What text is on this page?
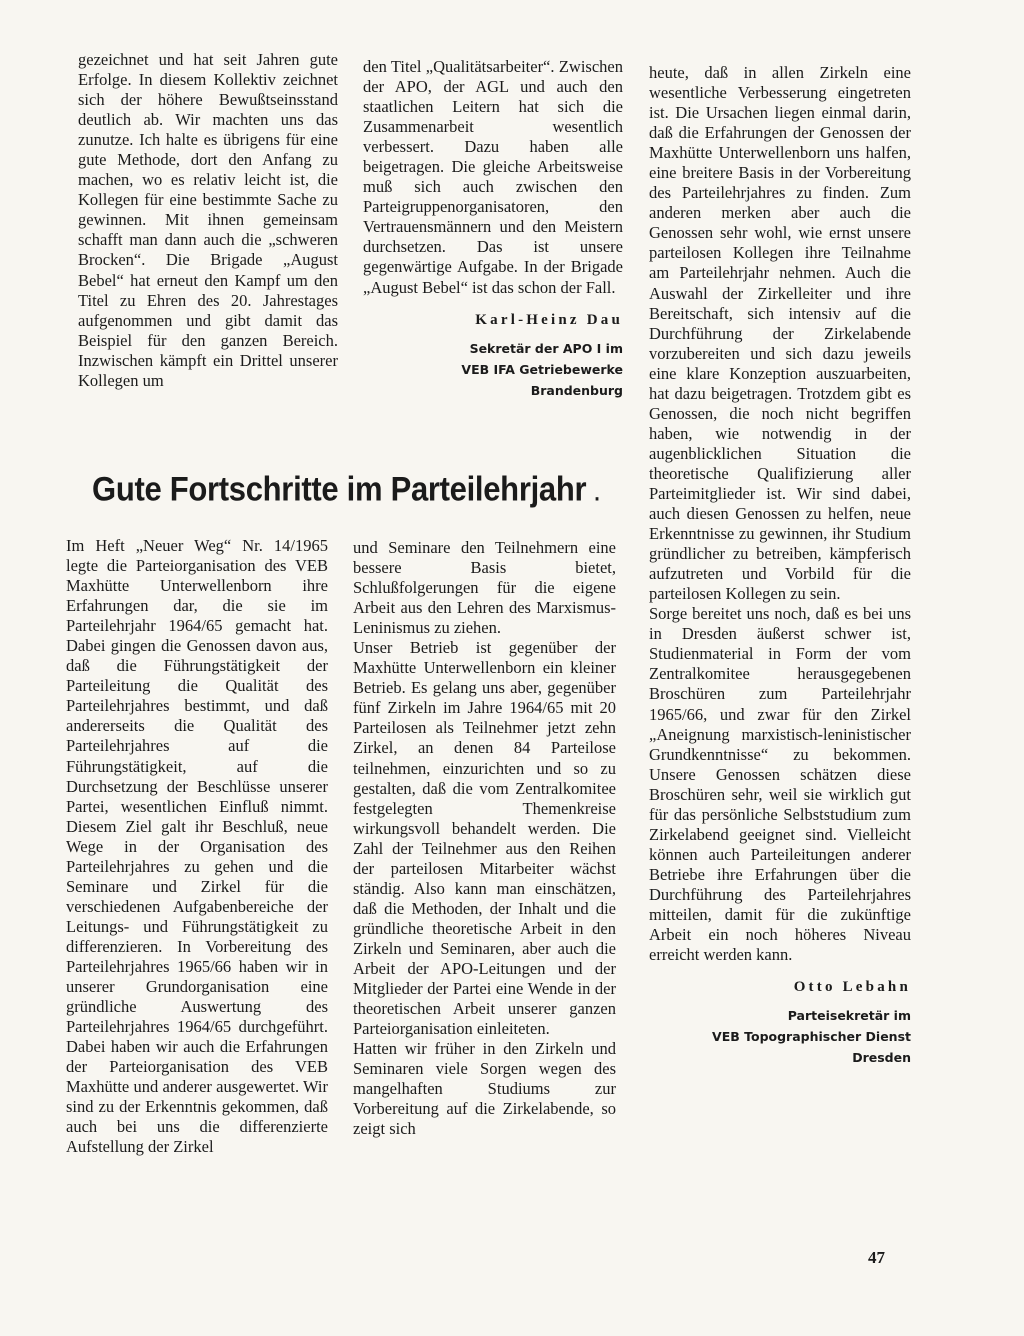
gezeichnet und hat seit Jahren gute Erfolge. In diesem Kollektiv zeichnet sich der höhere Bewußtseinsstand deutlich ab. Wir machten uns das zunutze. Ich halte es übrigens für eine gute Methode, dort den Anfang zu machen, wo es relativ leicht ist, die Kollegen für eine bestimmte Sache zu gewinnen. Mit ihnen gemeinsam schafft man dann auch die „schweren Brocken“. Die Brigade „August Bebel“ hat erneut den Kampf um den Titel zu Ehren des 20. Jahrestages aufgenommen und gibt damit das Beispiel für den ganzen Bereich. Inzwischen kämpft ein Drittel unserer Kollegen um

den Titel „Qualitätsarbeiter“. Zwischen der APO, der AGL und auch den staatlichen Leitern hat sich die Zusammenarbeit wesentlich verbessert. Dazu haben alle beigetragen. Die gleiche Arbeitsweise muß sich auch zwischen den Parteigruppenorganisatoren, den Vertrauensmännern und den Meistern durchsetzen. Das ist unsere gegenwärtige Aufgabe. In der Brigade „August Bebel“ ist das schon der Fall.

Karl-Heinz Dau
Sekretär der APO I im
VEB IFA Getriebewerke
Brandenburg
Gute Fortschritte im Parteilehrjahr .

Im Heft „Neuer Weg“ Nr. 14/1965 legte die Parteiorganisation des VEB Maxhütte Unterwellenborn ihre Erfahrungen dar, die sie im Parteilehrjahr 1964/65 gemacht hat. Dabei gingen die Genossen davon aus, daß die Führungstätigkeit der Parteileitung die Qualität des Parteilehrjahres bestimmt, und daß andererseits die Qualität des Parteilehrjahres auf die Führungstätigkeit, auf die Durchsetzung der Beschlüsse unserer Partei, wesentlichen Einfluß nimmt. Diesem Ziel galt ihr Beschluß, neue Wege in der Organisation des Parteilehrjahres zu gehen und die Seminare und Zirkel für die verschiedenen Aufgabenbereiche der Leitungs- und Führungstätigkeit zu differenzieren. In Vorbereitung des Parteilehrjahres 1965/66 haben wir in unserer Grundorganisation eine gründliche Auswertung des Parteilehrjahres 1964/65 durchgeführt. Dabei haben wir auch die Erfahrungen der Parteiorganisation des VEB Maxhütte und anderer ausgewertet. Wir sind zu der Erkenntnis gekommen, daß auch bei uns die differenzierte Aufstellung der Zirkel

und Seminare den Teilnehmern eine bessere Basis bietet, Schlußfolgerungen für die eigene Arbeit aus den Lehren des Marxismus-Leninismus zu ziehen.

Unser Betrieb ist gegenüber der Maxhütte Unterwellenborn ein kleiner Betrieb. Es gelang uns aber, gegenüber fünf Zirkeln im Jahre 1964/65 mit 20 Parteilosen als Teilnehmer jetzt zehn Zirkel, an denen 84 Parteilose teilnehmen, einzurichten und so zu gestalten, daß die vom Zentralkomitee festgelegten Themenkreise wirkungsvoll behandelt werden. Die Zahl der Teilnehmer aus den Reihen der parteilosen Mitarbeiter wächst ständig. Also kann man einschätzen, daß die Methoden, der Inhalt und die gründliche theoretische Arbeit in den Zirkeln und Seminaren, aber auch die Arbeit der APO-Leitungen und der Mitglieder der Partei eine Wende in der theoretischen Arbeit unserer ganzen Parteiorganisation einleiteten.

Hatten wir früher in den Zirkeln und Seminaren viele Sorgen wegen des mangelhaften Studiums zur Vorbereitung auf die Zirkelabende, so zeigt sich

heute, daß in allen Zirkeln eine wesentliche Verbesserung eingetreten ist. Die Ursachen liegen einmal darin, daß die Erfahrungen der Genossen der Maxhütte Unterwellenborn uns halfen, eine breitere Basis in der Vorbereitung des Parteilehrjahres zu finden. Zum anderen merken aber auch die Genossen sehr wohl, wie ernst unsere parteilosen Kollegen ihre Teilnahme am Parteilehrjahr nehmen. Auch die Auswahl der Zirkelleiter und ihre Bereitschaft, sich intensiv auf die Durchführung der Zirkelabende vorzubereiten und sich dazu jeweils eine klare Konzeption auszuarbeiten, hat dazu beigetragen. Trotzdem gibt es Genossen, die noch nicht begriffen haben, wie notwendig in der augenblicklichen Situation die theoretische Qualifizierung aller Parteimitglieder ist. Wir sind dabei, auch diesen Genossen zu helfen, neue Erkenntnisse zu gewinnen, ihr Studium gründlicher zu betreiben, kämpferisch aufzutreten und Vorbild für die parteilosen Kollegen zu sein.

Sorge bereitet uns noch, daß es bei uns in Dresden äußerst schwer ist, Studienmaterial in Form der vom Zentralkomitee herausgegebenen Broschüren zum Parteilehrjahr 1965/66, und zwar für den Zirkel „Aneignung marxistisch-leninistischer Grundkenntnisse“ zu bekommen. Unsere Genossen schätzen diese Broschüren sehr, weil sie wirklich gut für das persönliche Selbststudium zum Zirkelabend geeignet sind. Vielleicht können auch Parteileitungen anderer Betriebe ihre Erfahrungen über die Durchführung des Parteilehrjahres mitteilen, damit für die zukünftige Arbeit ein noch höheres Niveau erreicht werden kann.

Otto Lebahn
Parteisekretär im
VEB Topographischer Dienst
Dresden
47
